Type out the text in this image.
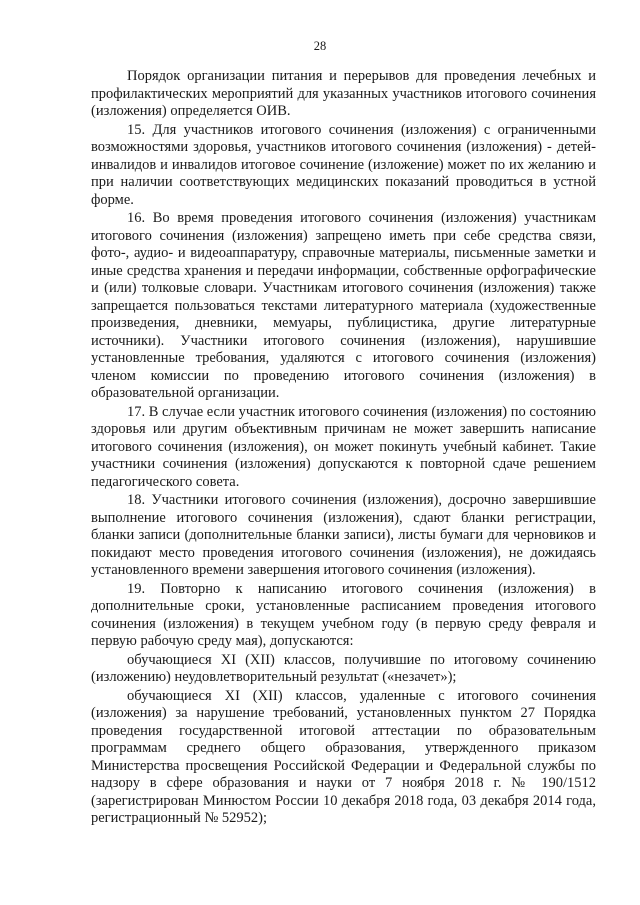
28

Порядок организации питания и перерывов для проведения лечебных и профилактических мероприятий для указанных участников итогового сочинения (изложения) определяется ОИВ.

15. Для участников итогового сочинения (изложения) с ограниченными возможностями здоровья, участников итогового сочинения (изложения) - детей-инвалидов и инвалидов итоговое сочинение (изложение) может по их желанию и при наличии соответствующих медицинских показаний проводиться в устной форме.

16. Во время проведения итогового сочинения (изложения) участникам итогового сочинения (изложения) запрещено иметь при себе средства связи, фото-, аудио- и видеоаппаратуру, справочные материалы, письменные заметки и иные средства хранения и передачи информации, собственные орфографические и (или) толковые словари. Участникам итогового сочинения (изложения) также запрещается пользоваться текстами литературного материала (художественные произведения, дневники, мемуары, публицистика, другие литературные источники). Участники итогового сочинения (изложения), нарушившие установленные требования, удаляются с итогового сочинения (изложения) членом комиссии по проведению итогового сочинения (изложения) в образовательной организации.

17. В случае если участник итогового сочинения (изложения) по состоянию здоровья или другим объективным причинам не может завершить написание итогового сочинения (изложения), он может покинуть учебный кабинет. Такие участники сочинения (изложения) допускаются к повторной сдаче решением педагогического совета.

18. Участники итогового сочинения (изложения), досрочно завершившие выполнение итогового сочинения (изложения), сдают бланки регистрации, бланки записи (дополнительные бланки записи), листы бумаги для черновиков и покидают место проведения итогового сочинения (изложения), не дожидаясь установленного времени завершения итогового сочинения (изложения).

19. Повторно к написанию итогового сочинения (изложения) в дополнительные сроки, установленные расписанием проведения итогового сочинения (изложения) в текущем учебном году (в первую среду февраля и первую рабочую среду мая), допускаются:

обучающиеся XI (XII) классов, получившие по итоговому сочинению (изложению) неудовлетворительный результат («незачет»);

обучающиеся XI (XII) классов, удаленные с итогового сочинения (изложения) за нарушение требований, установленных пунктом 27 Порядка проведения государственной итоговой аттестации по образовательным программам среднего общего образования, утвержденного приказом Министерства просвещения Российской Федерации и Федеральной службы по надзору в сфере образования и науки от 7 ноября 2018 г. № 190/1512 (зарегистрирован Минюстом России 10 декабря 2018 года, 03 декабря 2014 года, регистрационный № 52952);
